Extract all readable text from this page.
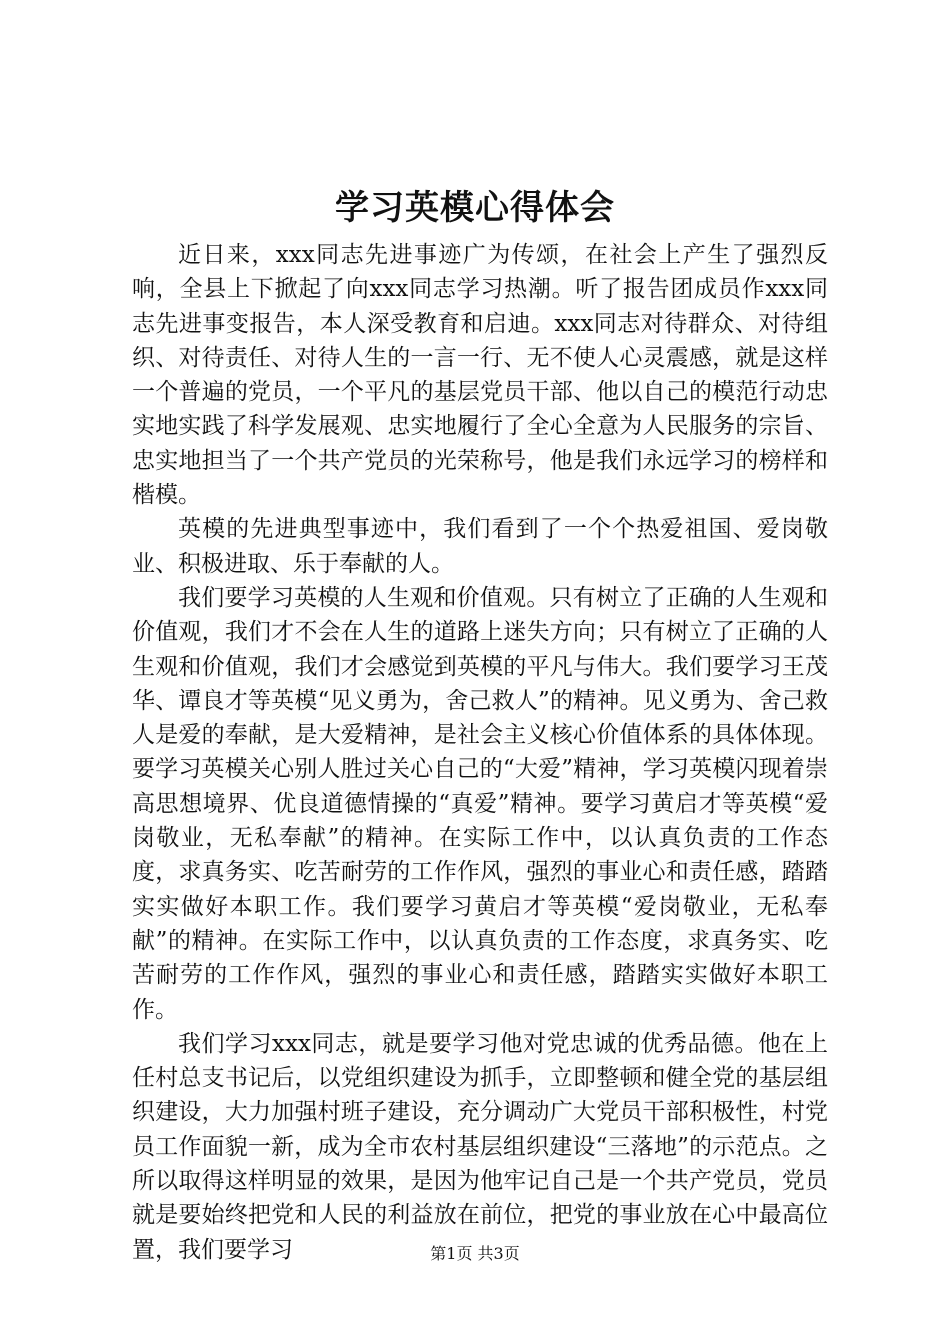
学习英模心得体会

近日来，xxx同志先进事迹广为传颂，在社会上产生了强烈反响，全县上下掀起了向xxx同志学习热潮。听了报告团成员作xxx同志先进事变报告，本人深受教育和启迪。xxx同志对待群众、对待组织、对待责任、对待人生的一言一行、无不使人心灵震感，就是这样一个普遍的党员，一个平凡的基层党员干部、他以自己的模范行动忠实地实践了科学发展观、忠实地履行了全心全意为人民服务的宗旨、忠实地担当了一个共产党员的光荣称号，他是我们永远学习的榜样和楷模。

英模的先进典型事迹中，我们看到了一个个热爱祖国、爱岗敬业、积极进取、乐于奉献的人。

我们要学习英模的人生观和价值观。只有树立了正确的人生观和价值观，我们才不会在人生的道路上迷失方向；只有树立了正确的人生观和价值观，我们才会感觉到英模的平凡与伟大。我们要学习王茂华、谭良才等英模“见义勇为，舍己救人”的精神。见义勇为、舍己救人是爱的奉献，是大爱精神，是社会主义核心价值体系的具体体现。要学习英模关心别人胜过关心自己的“大爱”精神，学习英模闪现着崇高思想境界、优良道德情操的“真爱”精神。要学习黄启才等英模“爱岗敬业，无私奉献”的精神。在实际工作中，以认真负责的工作态度，求真务实、吃苦耐劳的工作作风，强烈的事业心和责任感，踏踏实实做好本职工作。我们要学习黄启才等英模“爱岗敬业，无私奉献”的精神。在实际工作中，以认真负责的工作态度，求真务实、吃苦耐劳的工作作风，强烈的事业心和责任感，踏踏实实做好本职工作。

我们学习xxx同志，就是要学习他对党忠诚的优秀品德。他在上任村总支书记后，以党组织建设为抓手，立即整顿和健全党的基层组织建设，大力加强村班子建设，充分调动广大党员干部积极性，村党员工作面貌一新，成为全市农村基层组织建设“三落地”的示范点。之所以取得这样明显的效果，是因为他牢记自己是一个共产党员，党员就是要始终把党和人民的利益放在前位，把党的事业放在心中最高位置，我们要学习	第1页 共3页
